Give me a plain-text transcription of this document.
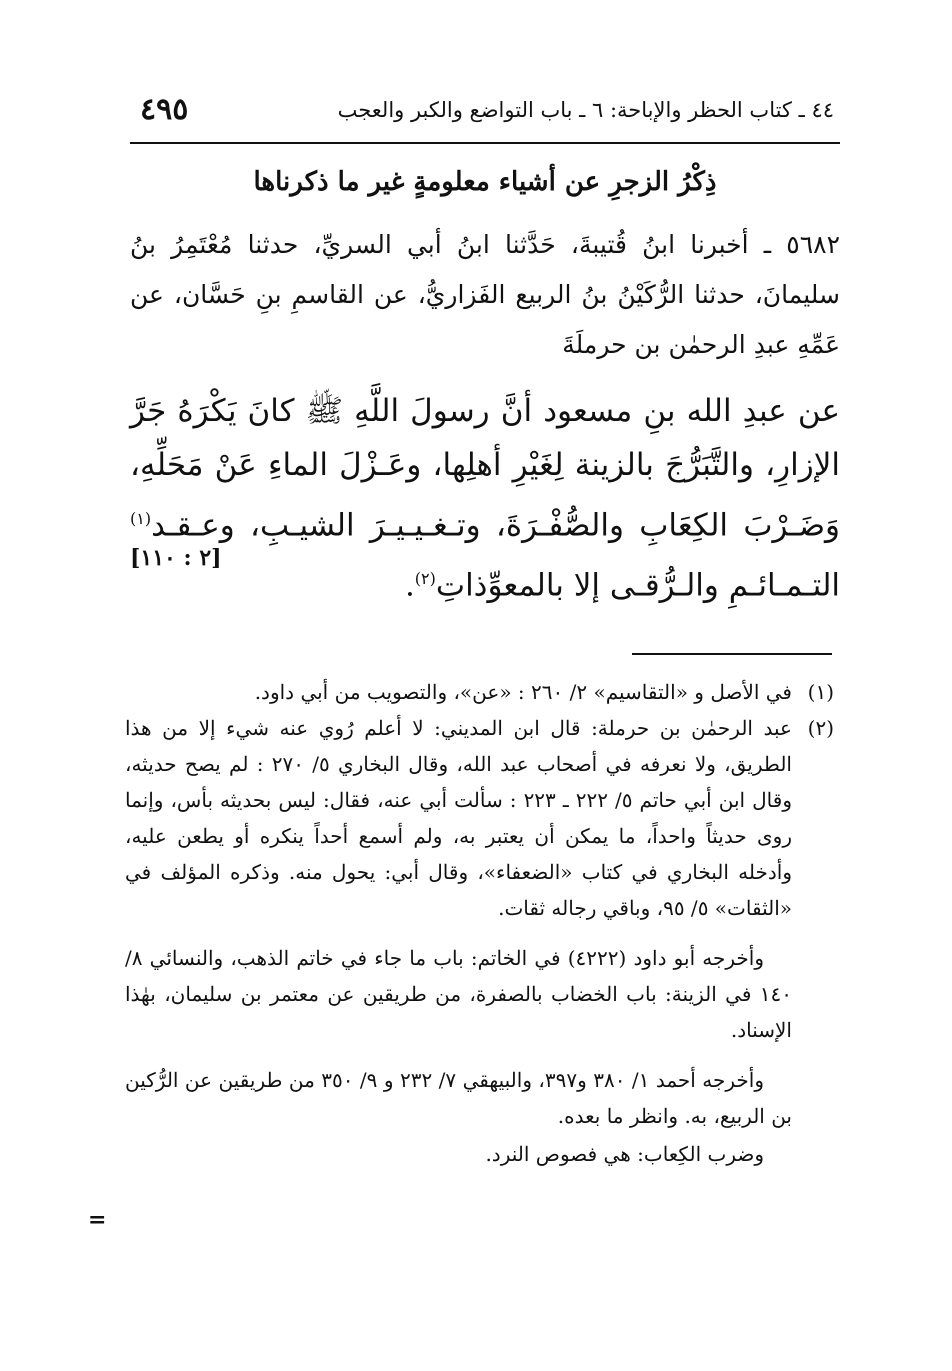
٤٩٥	٤٤ ـ كتاب الحظر والإباحة: ٦ ـ باب التواضع والكبر والعجب
ذِكْرُ الزجرِ عن أشياء معلومةٍ غير ما ذكرناها
٥٦٨٢ ـ أخبرنا ابنُ قُتيبةَ، حَدَّثنا ابنُ أبي السريِّ، حدثنا مُعْتَمِرُ بنُ سليمانَ، حدثنا الرُّكَيْنُ بنُ الربيع الفَزاريُّ، عن القاسمِ بنِ حَسَّان، عن عَمِّهِ عبدِ الرحمٰن بن حرملَةَ
عن عبدِ الله بنِ مسعود أنَّ رسولَ اللَّهِ ﷺ كانَ يَكْرَهُ جَرَّ الإزارِ، والتَّبَرُّجَ بالزينة لِغَيْرِ أهلِها، وعَـزْلَ الماءِ عَنْ مَحَلِّهِ، وَضَـرْبَ الكِعَابِ والصُّفْـرَةَ، وتـغـيـيـرَ الشيـبِ، وعـقـد$^{(١)}$ التـمـائـمِ والـرُّقـى إلا بالمعوِّذاتِ$^{(٢)}$.
[٢ : ١١٠]
(١)
في الأصل و «التقاسيم» ٢/ ٢٦٠ : «عن»، والتصويب من أبي داود.
(٢)
عبد الرحمٰن بن حرملة: قال ابن المديني: لا أعلم رُوي عنه شيء إلا من هذا الطريق، ولا نعرفه في أصحاب عبد الله، وقال البخاري ٥/ ٢٧٠ : لم يصح حديثه، وقال ابن أبي حاتم ٥/ ٢٢٢ ـ ٢٢٣ : سألت أبي عنه، فقال: ليس بحديثه بأس، وإنما روى حديثاً واحداً، ما يمكن أن يعتبر به، ولم أسمع أحداً ينكره أو يطعن عليه، وأدخله البخاري في كتاب «الضعفاء»، وقال أبي: يحول منه. وذكره المؤلف في «الثقات» ٥/ ٩٥، وباقي رجاله ثقات.
وأخرجه أبو داود (٤٢٢٢) في الخاتم: باب ما جاء في خاتم الذهب، والنسائي ٨/ ١٤٠ في الزينة: باب الخضاب بالصفرة، من طريقين عن معتمر بن سليمان، بهٰذا الإسناد.
وأخرجه أحمد ١/ ٣٨٠ و٣٩٧، والبيهقي ٧/ ٢٣٢ و ٩/ ٣٥٠ من طريقين عن الرُّكين بن الربيع، به. وانظر ما بعده.
وضرب الكِعاب: هي فصوص النرد.
=
